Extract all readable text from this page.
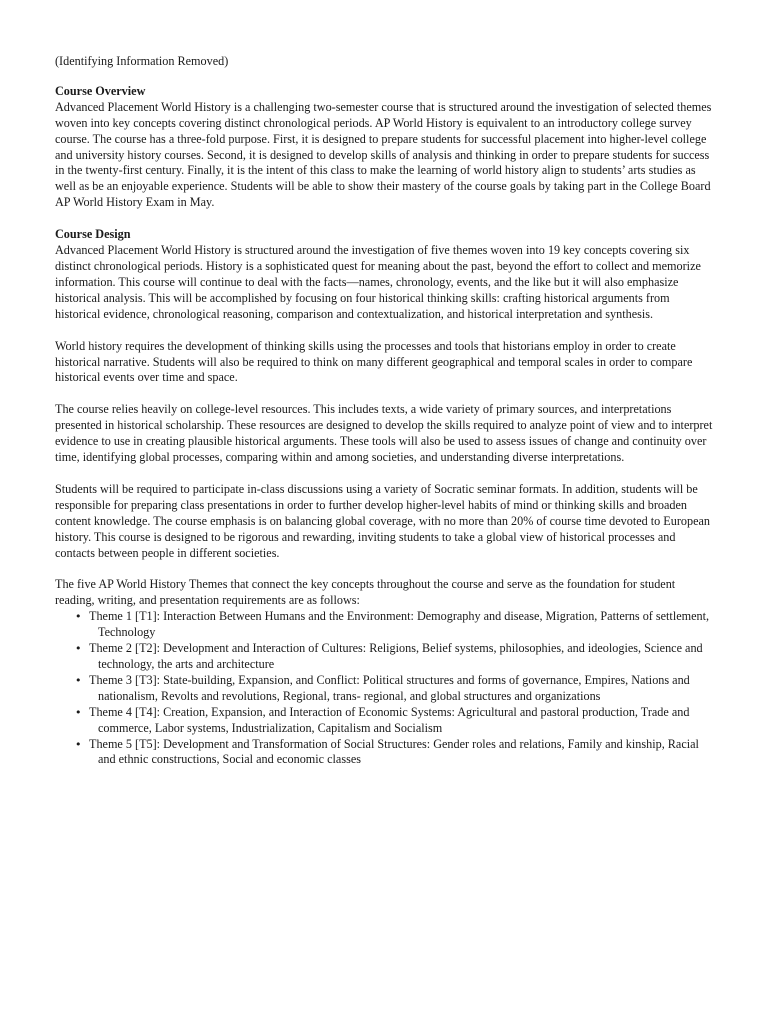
(Identifying Information Removed)

Course Overview

Advanced Placement World History is a challenging two-semester course that is structured around the investigation of selected themes woven into key concepts covering distinct chronological periods. AP World History is equivalent to an introductory college survey course. The course has a three-fold purpose. First, it is designed to prepare students for successful placement into higher-level college and university history courses. Second, it is designed to develop skills of analysis and thinking in order to prepare students for success in the twenty-first century. Finally, it is the intent of this class to make the learning of world history align to students’ arts studies as well as be an enjoyable experience. Students will be able to show their mastery of the course goals by taking part in the College Board AP World History Exam in May.

Course Design

Advanced Placement World History is structured around the investigation of five themes woven into 19 key concepts covering six distinct chronological periods. History is a sophisticated quest for meaning about the past, beyond the effort to collect and memorize information. This course will continue to deal with the facts—names, chronology, events, and the like but it will also emphasize historical analysis. This will be accomplished by focusing on four historical thinking skills: crafting historical arguments from historical evidence, chronological reasoning, comparison and contextualization, and historical interpretation and synthesis.

World history requires the development of thinking skills using the processes and tools that historians employ in order to create historical narrative. Students will also be required to think on many different geographical and temporal scales in order to compare historical events over time and space.

The course relies heavily on college-level resources. This includes texts, a wide variety of primary sources, and interpretations presented in historical scholarship. These resources are designed to develop the skills required to analyze point of view and to interpret evidence to use in creating plausible historical arguments. These tools will also be used to assess issues of change and continuity over time, identifying global processes, comparing within and among societies, and understanding diverse interpretations.

Students will be required to participate in-class discussions using a variety of Socratic seminar formats. In addition, students will be responsible for preparing class presentations in order to further develop higher-level habits of mind or thinking skills and broaden content knowledge. The course emphasis is on balancing global coverage, with no more than 20% of course time devoted to European history. This course is designed to be rigorous and rewarding, inviting students to take a global view of historical processes and contacts between people in different societies.

The five AP World History Themes that connect the key concepts throughout the course and serve as the foundation for student reading, writing, and presentation requirements are as follows:

• Theme 1 [T1]: Interaction Between Humans and the Environment: Demography and disease, Migration, Patterns of settlement, Technology
• Theme 2 [T2]: Development and Interaction of Cultures: Religions, Belief systems, philosophies, and ideologies, Science and technology, the arts and architecture
• Theme 3 [T3]: State-building, Expansion, and Conflict: Political structures and forms of governance, Empires, Nations and nationalism, Revolts and revolutions, Regional, trans- regional, and global structures and organizations
• Theme 4 [T4]: Creation, Expansion, and Interaction of Economic Systems: Agricultural and pastoral production, Trade and commerce, Labor systems, Industrialization, Capitalism and Socialism
• Theme 5 [T5]: Development and Transformation of Social Structures: Gender roles and relations, Family and kinship, Racial and ethnic constructions, Social and economic classes
